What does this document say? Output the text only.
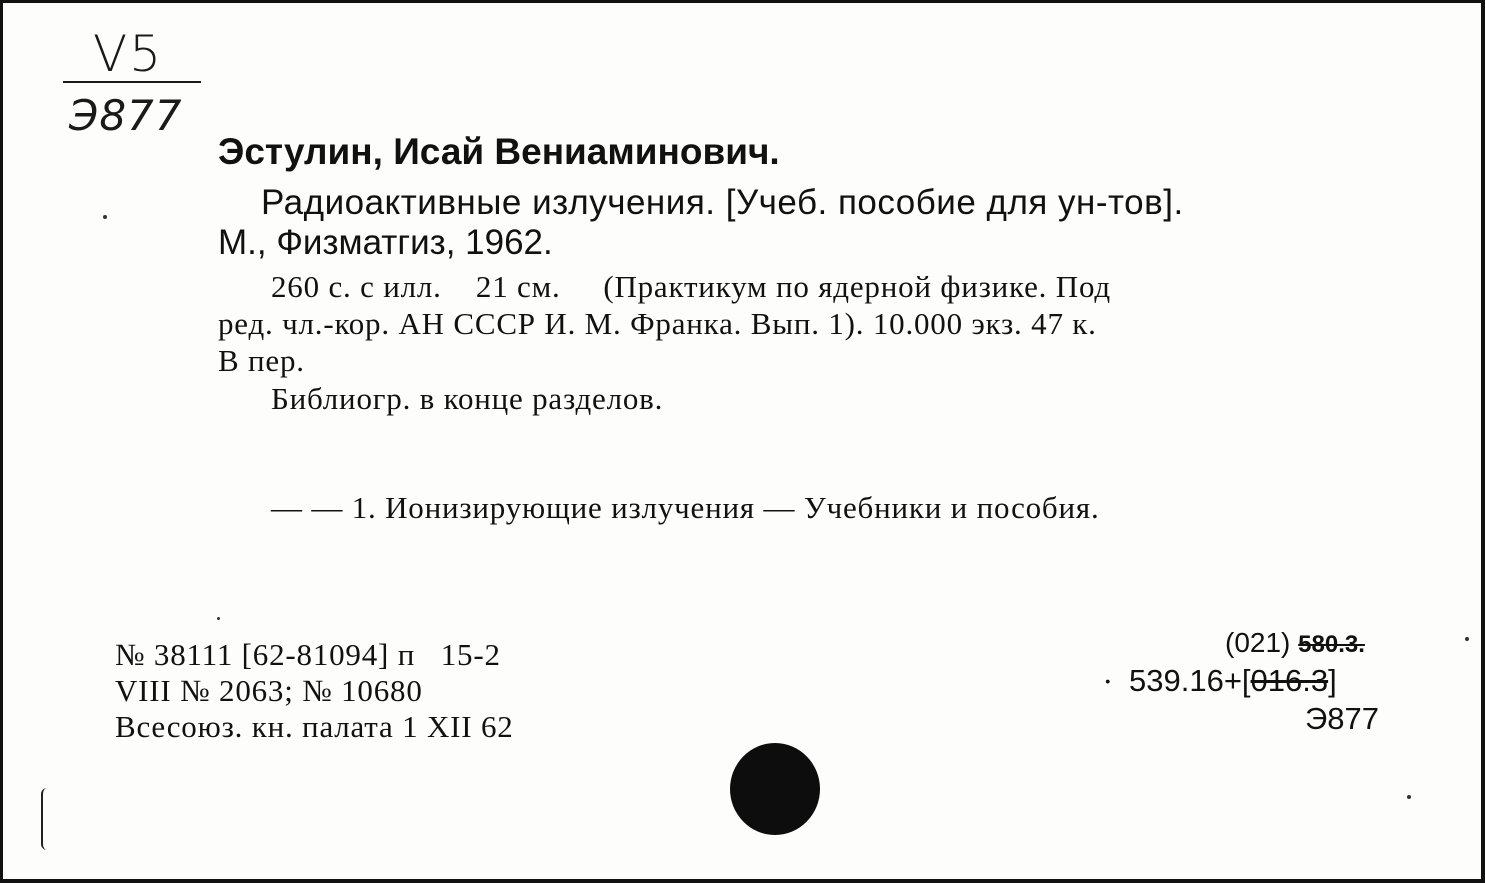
V5
Э877
Эстулин, Исай Вениаминович.
Радиоактивные излучения. [Учеб. пособие для ун-тов].
М., Физматгиз, 1962.
260 с. с илл.    21 см.     (Практикум по ядерной физике. Под
ред. чл.-кор. АН СССР И. М. Франка. Вып. 1). 10.000 экз. 47 к.
В пер.
Библиогр. в конце разделов.
— — 1. Ионизирующие излучения — Учебники и пособия.
№ 38111 [62-81094] п   15-2
VIII № 2063; № 10680
Всесоюз. кн. палата 1 XII 62
(021) 580.3.
· 539.16+[016.3]
Э877
